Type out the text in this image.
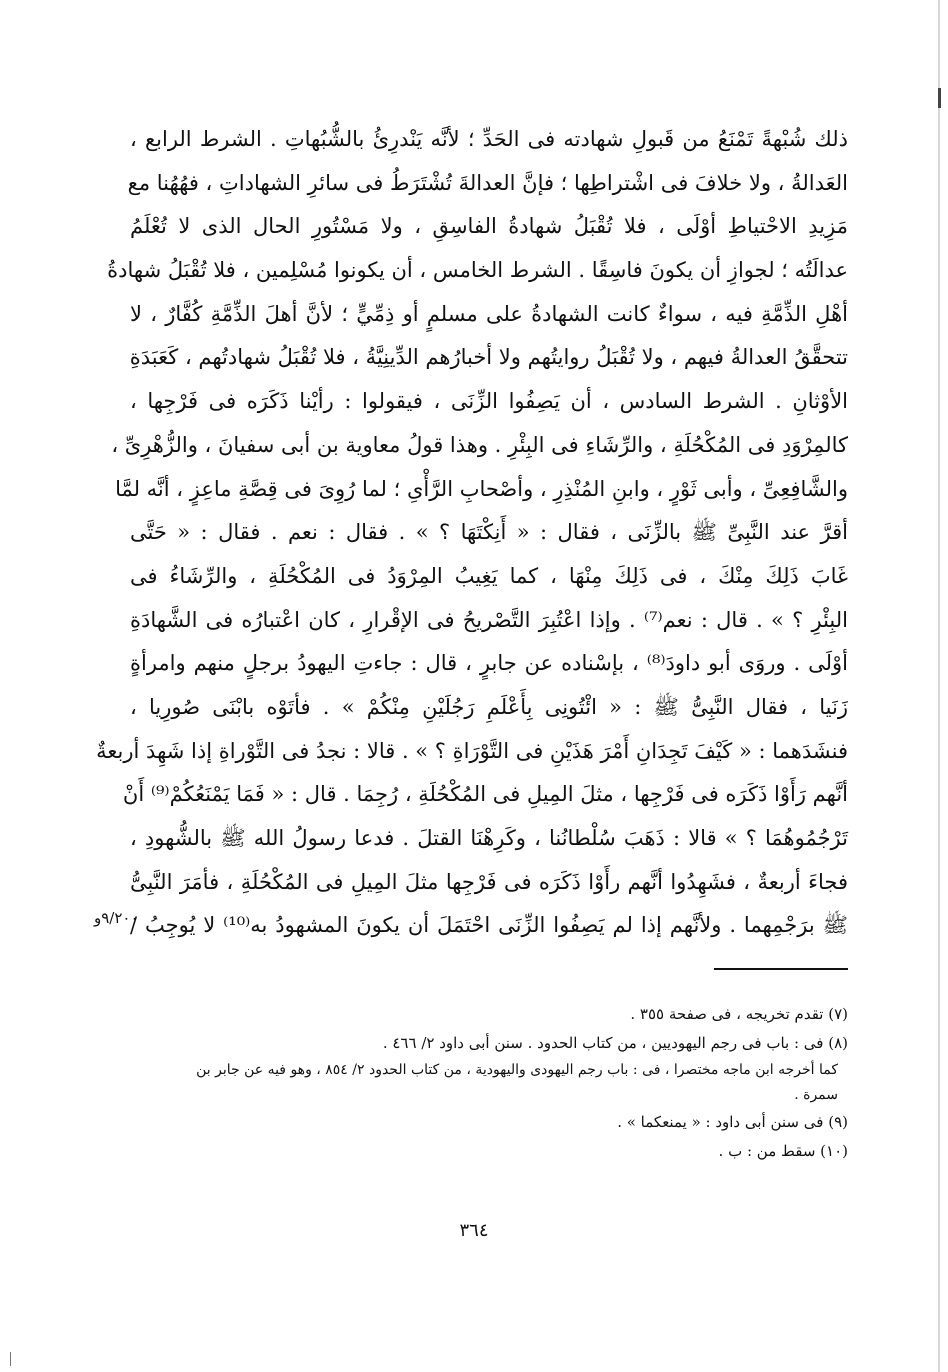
ذلك شُبْهةً تَمْنَعُ من قَبولِ شهادته فى الحَدِّ ؛ لأنَّه يَنْدرِئُ بالشُّبُهاتِ . الشرط الرابع ،
العَدالةُ ، ولا خلافَ فى اشْتراطِها ؛ فإنَّ العدالةَ تُشْتَرَطُ فى سائرِ الشهاداتِ ، فهُهُنا مع
مَزِيدِ الاحْتياطِ أوْلَى ، فلا تُقْبَلُ شهادةُ الفاسِقِ ، ولا مَسْتُورِ الحال الذى لا تُعْلَمُ
عدالَتُه ؛ لجوازِ أن يكونَ فاسِقًا . الشرط الخامس ، أن يكونوا مُسْلِمين ، فلا تُقْبَلُ شهادةُ
أهْلِ الذِّمَّةِ فيه ، سواءٌ كانت الشهادةُ على مسلمٍ أو ذِمِّيٍّ ؛ لأنَّ أهلَ الذِّمَّةِ كُفَّارٌ ، لا
تتحقَّقُ العدالةُ فيهم ، ولا تُقْبَلُ روايتُهم ولا أخبارُهم الدِّينِيَّةُ ، فلا تُقْبَلُ شهادتُهم ، كَعَبَدَةِ
الأوْثانِ . الشرط السادس ، أن يَصِفُوا الزِّنَى ، فيقولوا : رأيْنا ذَكَرَه فى فَرْجِها ،
كالمِرْوَدِ فى المُكْحُلَةِ ، والرِّشَاءِ فى البِئْرِ . وهذا قولُ معاوية بن أبى سفيانَ ، والزُّهْرِىِّ ،
والشَّافِعِىِّ ، وأبى ثَوْرٍ ، وابنِ المُنْذِرِ ، وأصْحابِ الرَّأْىِ ؛ لما رُوِىَ فى قِصَّةِ ماعِزٍ ، أنَّه لمَّا
أقرَّ عند النَّبِىِّ ﷺ بالزِّنَى ، فقال : « أَنِكْتَهَا ؟ » . فقال : نعم . فقال : « حَتَّى
غَابَ ذَلِكَ مِنْكَ ، فى ذَلِكَ مِنْهَا ، كما يَغِيبُ المِرْوَدُ فى المُكْحُلَةِ ، والرِّشَاءُ فى
البِئْرِ ؟ » . قال : نعم⁽⁷⁾ . وإذا اعْتُبِرَ التَّصْريحُ فى الإقْرارِ ، كان اعْتبارُه فى الشَّهادَةِ
أوْلَى . وروَى أبو داودَ⁽⁸⁾ ، بإسْناده عن جابرٍ ، قال : جاءتِ اليهودُ برجلٍ منهم وامرأةٍ
زَنَيا ، فقال النَّبِىُّ ﷺ : « ائْتُونِى بِأَعْلَمِ رَجُلَيْنِ مِنْكُمْ » . فأتَوْه بابْنَى صُورِيا ،
فنشَدَهما : « كَيْفَ تَجِدَانِ أَمْرَ هَذَيْنِ فى التَّوْرَاةِ ؟ » . قالا : نجدُ فى التَّوْراةِ إذا شَهِدَ أربعةٌ
أنَّهم رَأَوْا ذَكَرَه فى فَرْجِها ، مثلَ المِيلِ فى المُكْحُلَةِ ، رُجِمَا . قال : « فَمَا يَمْنَعُكُمْ⁽⁹⁾ أَنْ
تَرْجُمُوهُمَا ؟ » قالا : ذَهَبَ سُلْطانُنا ، وكَرِهْنَا القتلَ . فدعا رسولُ الله ﷺ بالشُّهودِ ،
فجاءَ أربعةٌ ، فشَهِدُوا أنَّهم رأَوْا ذَكَرَه فى فَرْجِها مثلَ المِيلِ فى المُكْحُلَةِ ، فأمَرَ النَّبِىُّ
ﷺ برَجْمِهما . ولأنَّهم إذا لم يَصِفُوا الزِّنَى احْتَمَلَ أن يكونَ المشهودُ به⁽¹⁰⁾ لا يُوجِبُ /
٩/٢٠٠و
(٧) تقدم تخريجه ، فى صفحة ٣٥٥ .
(٨) فى : باب فى رجم اليهوديين ، من كتاب الحدود . سنن أبى داود ٢/ ٤٦٦ .
كما أخرجه ابن ماجه مختصرا ، فى : باب رجم اليهودى واليهودية ، من كتاب الحدود ٢/ ٨٥٤ ، وهو فيه عن جابر بن
سمرة .
(٩) فى سنن أبى داود : « يمنعكما » .
(١٠) سقط من : ب .
٣٦٤
